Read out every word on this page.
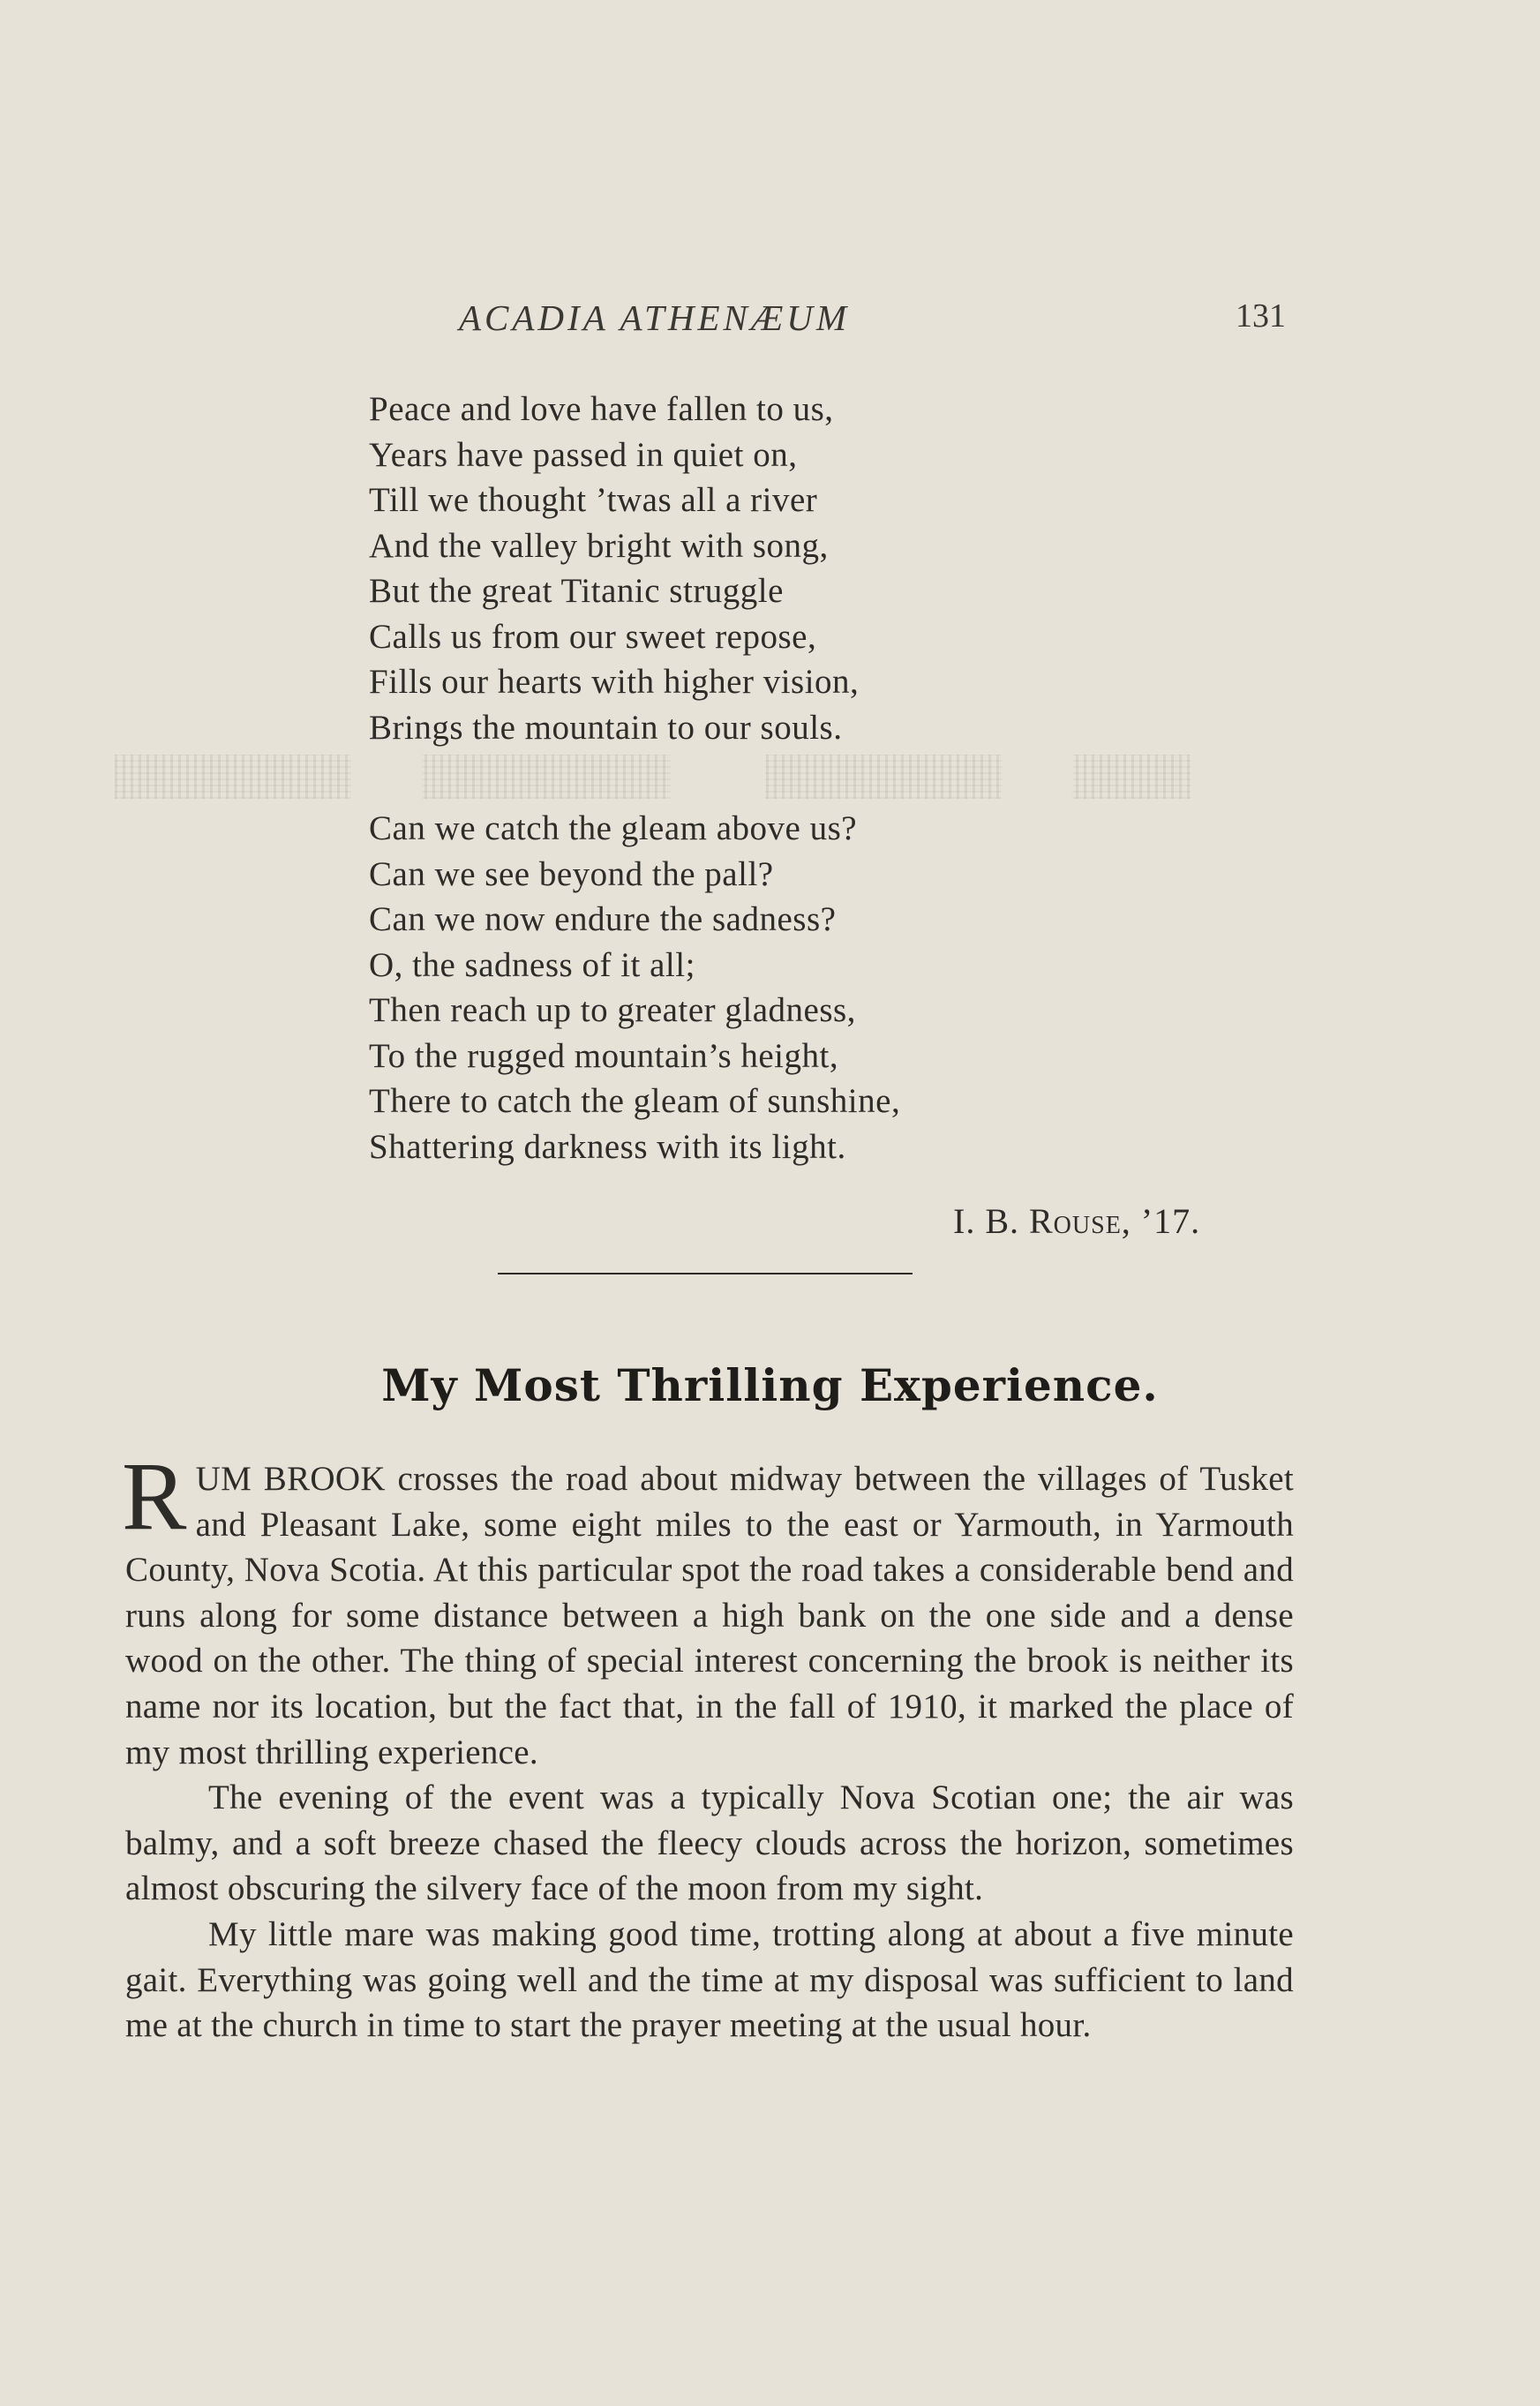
ACADIA ATHENÆUM	131
Peace and love have fallen to us,
Years have passed in quiet on,
Till we thought ’twas all a river
And the valley bright with song,
But the great Titanic struggle
Calls us from our sweet repose,
Fills our hearts with higher vision,
Brings the mountain to our souls.
Can we catch the gleam above us?
Can we see beyond the pall?
Can we now endure the sadness?
O, the sadness of it all;
Then reach up to greater gladness,
To the rugged mountain’s height,
There to catch the gleam of sunshine,
Shattering darkness with its light.
I. B. Rouse, ’17.
My Most Thrilling Experience.

RUM BROOK crosses the road about midway between the villages of Tusket and Pleasant Lake, some eight miles to the east or Yarmouth, in Yarmouth County, Nova Scotia. At this particular spot the road takes a considerable bend and runs along for some distance between a high bank on the one side and a dense wood on the other. The thing of special interest concerning the brook is neither its name nor its location, but the fact that, in the fall of 1910, it marked the place of my most thrilling experience.

The evening of the event was a typically Nova Scotian one; the air was balmy, and a soft breeze chased the fleecy clouds across the horizon, sometimes almost obscuring the silvery face of the moon from my sight.

My little mare was making good time, trotting along at about a five minute gait. Everything was going well and the time at my disposal was sufficient to land me at the church in time to start the prayer meeting at the usual hour.
